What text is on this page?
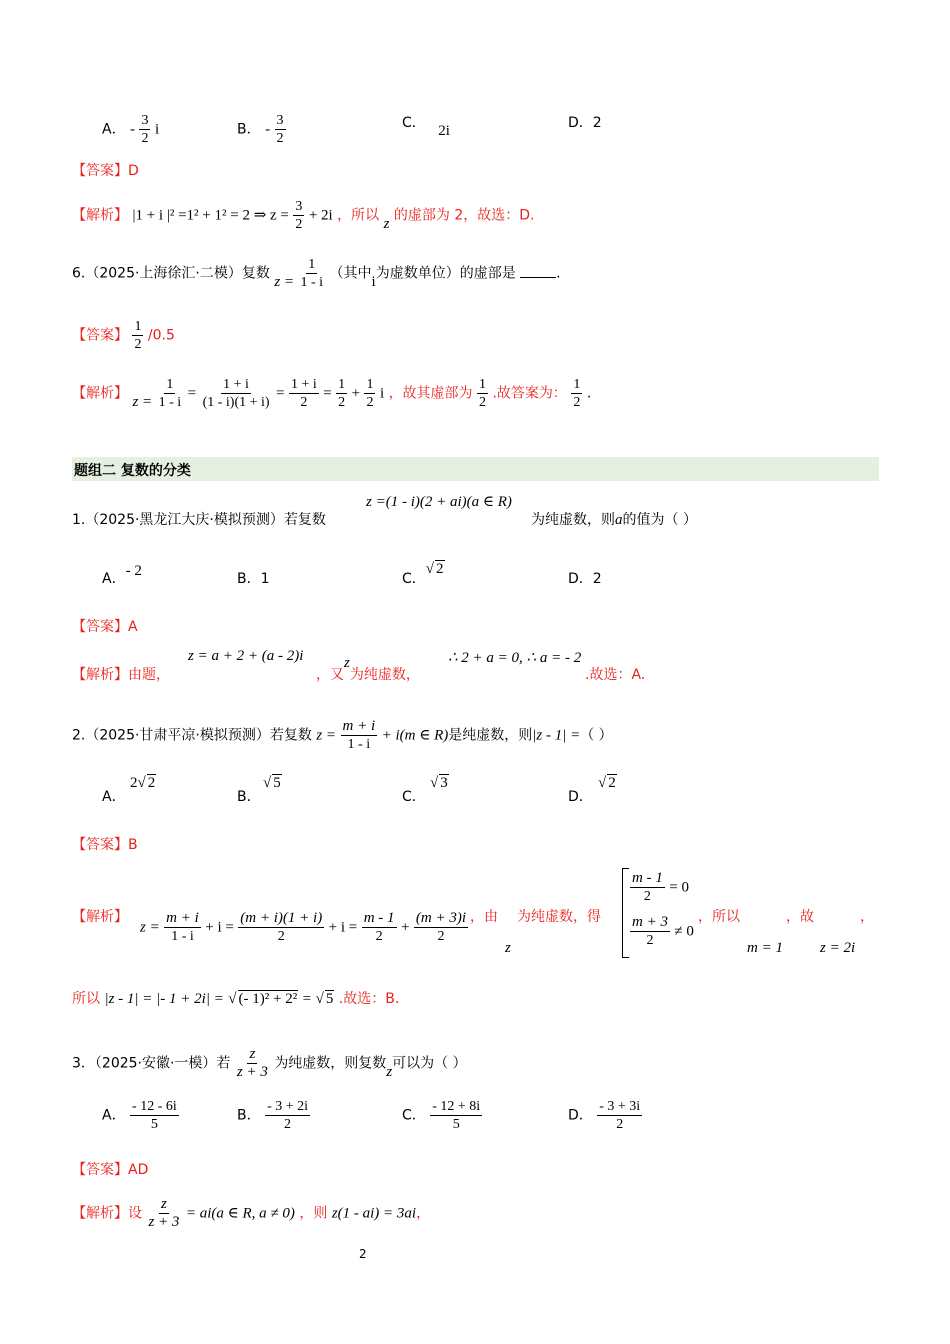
A． - $\frac{3}{2}$ i	B． - $\frac{3}{2}$	C． 2i	D．2
【答案】D
【解析】 |1 + i |² =1² + 1² = 2 ⇒ $z = \frac{3}{2} + 2i$ ，所以 z 的虚部为 2，故选：D.
6.（2025·上海徐汇·二模）复数 $z = \frac{1}{1 - i}$ （其中i为虚数单位）的虚部是	.
【答案】 $\frac{1}{2} /0.5$
【解析】 $z = \frac{1}{1 - i} = \frac{1 + i}{(1 - i)(1 + i)} = \frac{1 + i}{2} = \frac{1}{2} + \frac{1}{2}$ i ，故其虚部为 $\frac{1}{2}$ .故答案为： $\frac{1}{2}$ .
题组二 复数的分类
1.（2025·黑龙江大庆·模拟预测）若复数
z =(1 - i)(2 + ai)(a ∈ R)
为纯虚数，则a的值为（ ）
A．- 2	B．1	C．√ 2
D．2
【答案】A
【解析】由题，
z = a + 2 + (a - 2)i
，又z为纯虚数，
∴ 2 + a = 0, ∴ a = - 2
.故选：A.
2.（2025·甘肃平凉·模拟预测）若复数 $z = \frac{m + i}{1 - i} + i(m$ ∈ R)是纯虚数，则|z - 1| =（ ）
A．
2√ 2
B．
√ 5
C．
√ 3
D．
√ 2
【答案】B
【解析】
$z = \frac{m + i}{1 - i} + i = \frac{(m + i)(1 + i)}{2} + i = \frac{m - 1}{2} + \frac{(m + 3)i}{2}$ ，由
z
为纯虚数，得
$\frac{m - 1}{2} = 0$
$\frac{m + 3}{2} \ne 0$
，所以
m = 1
，故
z = 2i
，
所以 |z - 1| = |- 1 + 2i| = √ (- 1)² + 2² = √ 5 .故选：B.
3．（2025·安徽·一模）若 $\frac{z}{z + 3}$ 为纯虚数，则复数z可以为（ ）
A． $\frac{- 12 - 6i}{5}$	B． $\frac{- 3 + 2i}{2}$	C． $\frac{- 12 + 8i}{5}$	D． $\frac{- 3 + 3i}{2}$
【答案】AD
【解析】设 $\frac{z}{z + 3} = ai(a$ ∈ R, a ≠ 0) ，则 z(1 - ai) = 3ai，
2
